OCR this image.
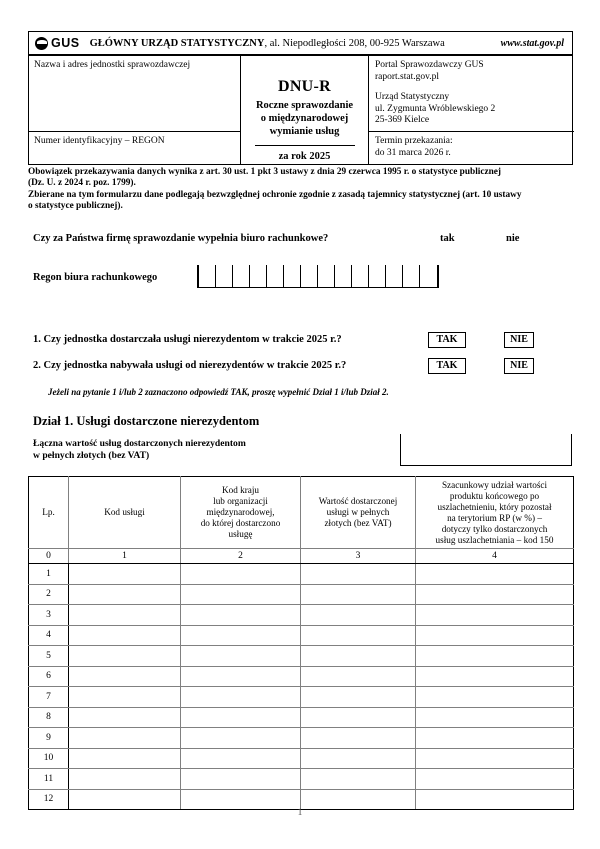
GUS GŁÓWNY URZĄD STATYSTYCZNY , al. Niepodległości 208, 00-925 Warszawa	www.stat.gov.pl
Nazwa i adres jednostki sprawozdawczej
Numer identyfikacyjny – REGON
DNU-R
Roczne sprawozdanie
o międzynarodowej
wymianie usług
za rok 2025
Portal Sprawozdawczy GUS
raport.stat.gov.pl
Urząd Statystyczny
ul. Zygmunta Wróblewskiego 2
25-369 Kielce
Termin przekazania:
do 31 marca 2026 r.
Obowiązek przekazywania danych wynika z art. 30 ust. 1 pkt 3 ustawy z dnia 29 czerwca 1995 r. o statystyce publicznej
(Dz. U. z 2024 r. poz. 1799).
Zbierane na tym formularzu dane podlegają bezwzględnej ochronie zgodnie z zasadą tajemnicy statystycznej (art. 10 ustawy
o statystyce publicznej).
Czy za Państwa firmę sprawozdanie wypełnia biuro rachunkowe?	tak	nie
Regon biura rachunkowego
1. Czy jednostka dostarczała usługi nierezydentom w trakcie 2025 r.?	TAK	NIE
2. Czy jednostka nabywała usługi od nierezydentów w trakcie 2025 r.?	TAK	NIE
Jeżeli na pytanie 1 i/lub 2 zaznaczono odpowiedź TAK, proszę wypełnić Dział 1 i/lub Dział 2.
Dział 1. Usługi dostarczone nierezydentom
Łączna wartość usług dostarczonych nierezydentom
w pełnych złotych (bez VAT)
Lp.	Kod usługi	Kod kraju
lub organizacji
międzynarodowej,
do której dostarczono
usługę	Wartość dostarczonej
usługi w pełnych
złotych (bez VAT)	Szacunkowy udział wartości
produktu końcowego po
uszlachetnieniu, który pozostał
na terytorium RP (w %) –
dotyczy tylko dostarczonych
usług uszlachetniania – kod 150
0	1	2	3	4
1				
2				
3				
4				
5				
6				
7				
8				
9				
10				
11				
12				
1
